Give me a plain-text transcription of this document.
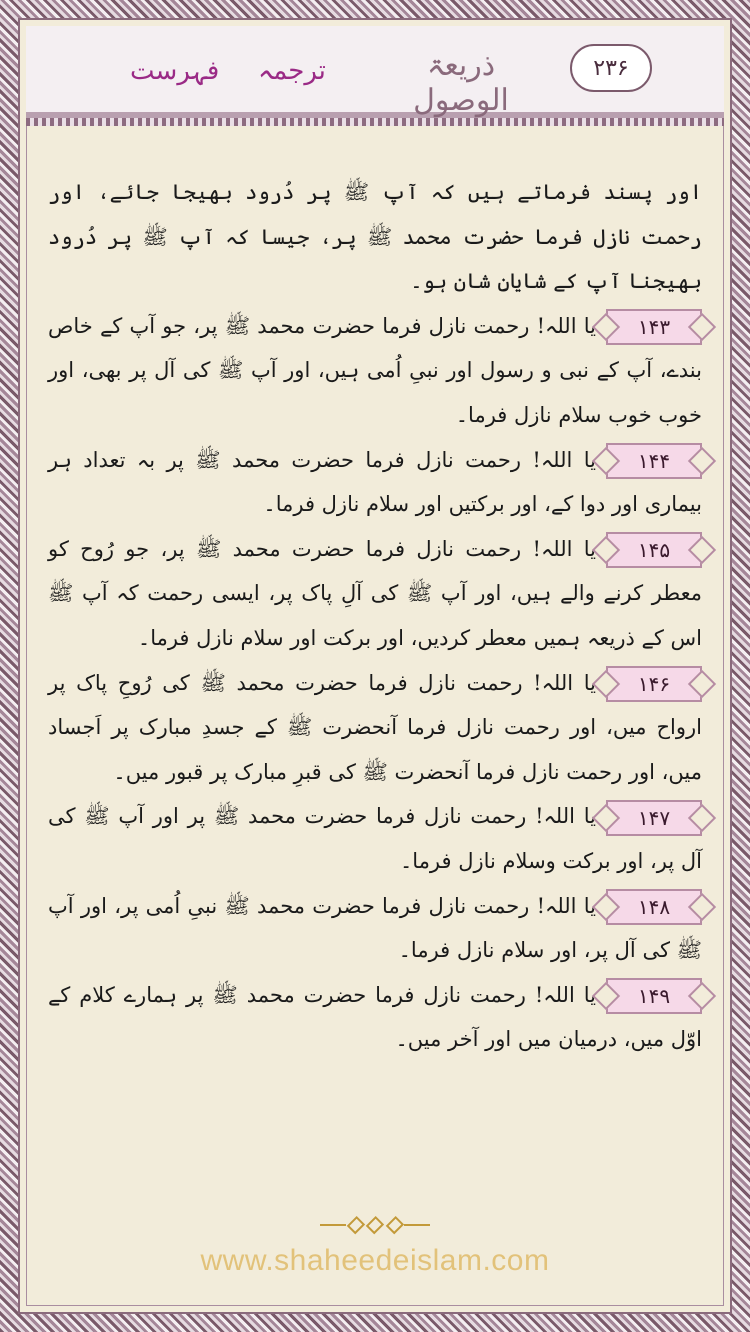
۲۳۶
ذریعۃ الوصول
ترجمہ
فہرست

اور پسند فرماتے ہیں کہ آپ ﷺ پر دُرود بھیجا جائے، اور رحمت نازل فرما حضرت محمد ﷺ پر، جیسا کہ آپ ﷺ پر دُرود بھیجنا آپ کے شایانِ شان ہو۔

۱۴۳یا اللہ! رحمت نازل فرما حضرت محمد ﷺ پر، جو آپ کے خاص بندے، آپ کے نبی و رسول اور نبیِ اُمی ہیں، اور آپ ﷺ کی آل پر بھی، اور خوب خوب سلام نازل فرما۔

۱۴۴یا اللہ! رحمت نازل فرما حضرت محمد ﷺ پر بہ تعداد ہر بیماری اور دوا کے، اور برکتیں اور سلام نازل فرما۔

۱۴۵یا اللہ! رحمت نازل فرما حضرت محمد ﷺ پر، جو رُوح کو معطر کرنے والے ہیں، اور آپ ﷺ کی آلِ پاک پر، ایسی رحمت کہ آپ ﷺ اس کے ذریعہ ہمیں معطر کردیں، اور برکت اور سلام نازل فرما۔

۱۴۶یا اللہ! رحمت نازل فرما حضرت محمد ﷺ کی رُوحِ پاک پر ارواح میں، اور رحمت نازل فرما آنحضرت ﷺ کے جسدِ مبارک پر اَجساد میں، اور رحمت نازل فرما آنحضرت ﷺ کی قبرِ مبارک پر قبور میں۔

۱۴۷یا اللہ! رحمت نازل فرما حضرت محمد ﷺ پر اور آپ ﷺ کی آل پر، اور برکت وسلام نازل فرما۔

۱۴۸یا اللہ! رحمت نازل فرما حضرت محمد ﷺ نبیِ اُمی پر، اور آپ ﷺ کی آل پر، اور سلام نازل فرما۔

۱۴۹یا اللہ! رحمت نازل فرما حضرت محمد ﷺ پر ہمارے کلام کے اوّل میں، درمیان میں اور آخر میں۔

www.shaheedeislam.com
